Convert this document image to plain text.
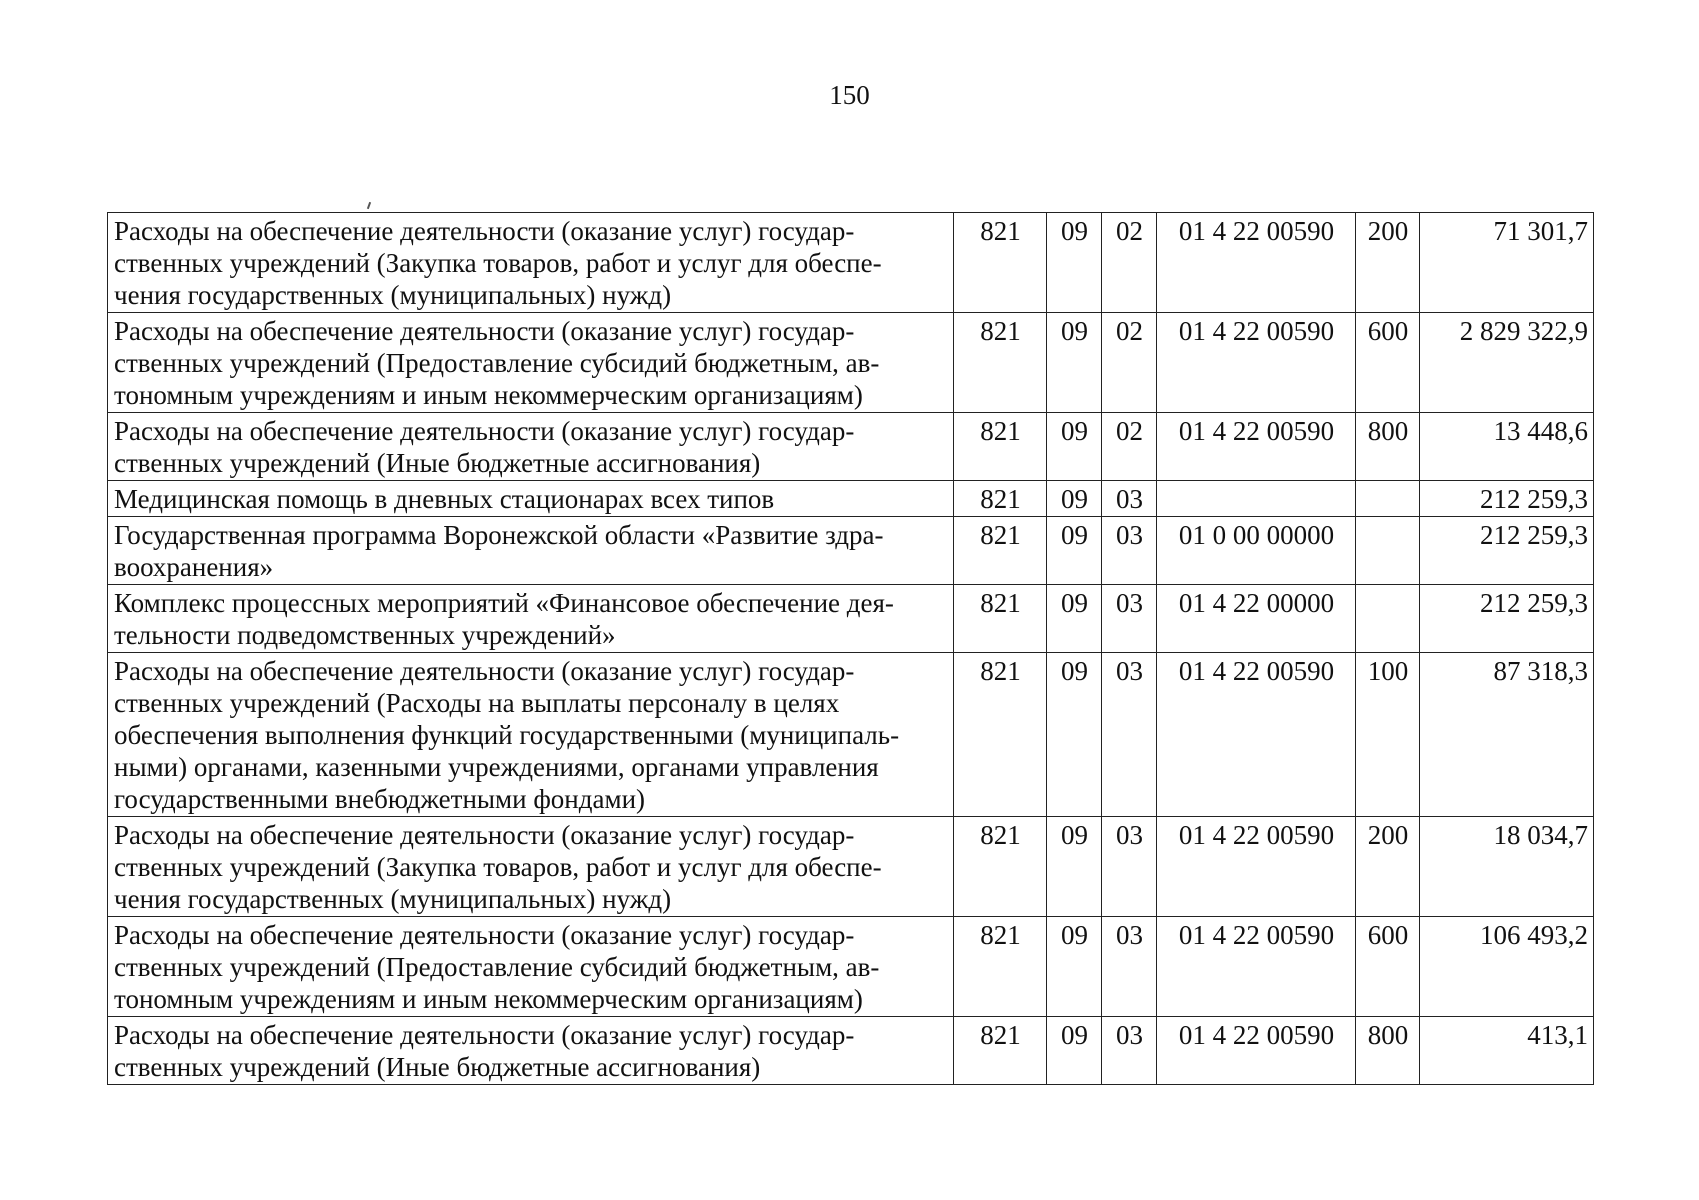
150
Расходы на обеспечение деятельности (оказание услуг) государ-
ственных учреждений (Закупка товаров, работ и услуг для обеспе-
чения государственных (муниципальных) нужд)	821	09	02	01 4 22 00590	200	71 301,7

Расходы на обеспечение деятельности (оказание услуг) государ-
ственных учреждений (Предоставление субсидий бюджетным, ав-
тономным учреждениям и иным некоммерческим организациям)	821	09	02	01 4 22 00590	600	2 829 322,9

Расходы на обеспечение деятельности (оказание услуг) государ-
ственных учреждений (Иные бюджетные ассигнования)	821	09	02	01 4 22 00590	800	13 448,6

Медицинская помощь в дневных стационарах всех типов	821	09	03			212 259,3

Государственная программа Воронежской области «Развитие здра-
воохранения»	821	09	03	01 0 00 00000		212 259,3

Комплекс процессных мероприятий «Финансовое обеспечение дея-
тельности подведомственных учреждений»	821	09	03	01 4 22 00000		212 259,3

Расходы на обеспечение деятельности (оказание услуг) государ-
ственных учреждений (Расходы на выплаты персоналу в целях
обеспечения выполнения функций государственными (муниципаль-
ными) органами, казенными учреждениями, органами управления
государственными внебюджетными фондами)	821	09	03	01 4 22 00590	100	87 318,3

Расходы на обеспечение деятельности (оказание услуг) государ-
ственных учреждений (Закупка товаров, работ и услуг для обеспе-
чения государственных (муниципальных) нужд)	821	09	03	01 4 22 00590	200	18 034,7

Расходы на обеспечение деятельности (оказание услуг) государ-
ственных учреждений (Предоставление субсидий бюджетным, ав-
тономным учреждениям и иным некоммерческим организациям)	821	09	03	01 4 22 00590	600	106 493,2

Расходы на обеспечение деятельности (оказание услуг) государ-
ственных учреждений (Иные бюджетные ассигнования)	821	09	03	01 4 22 00590	800	413,1
